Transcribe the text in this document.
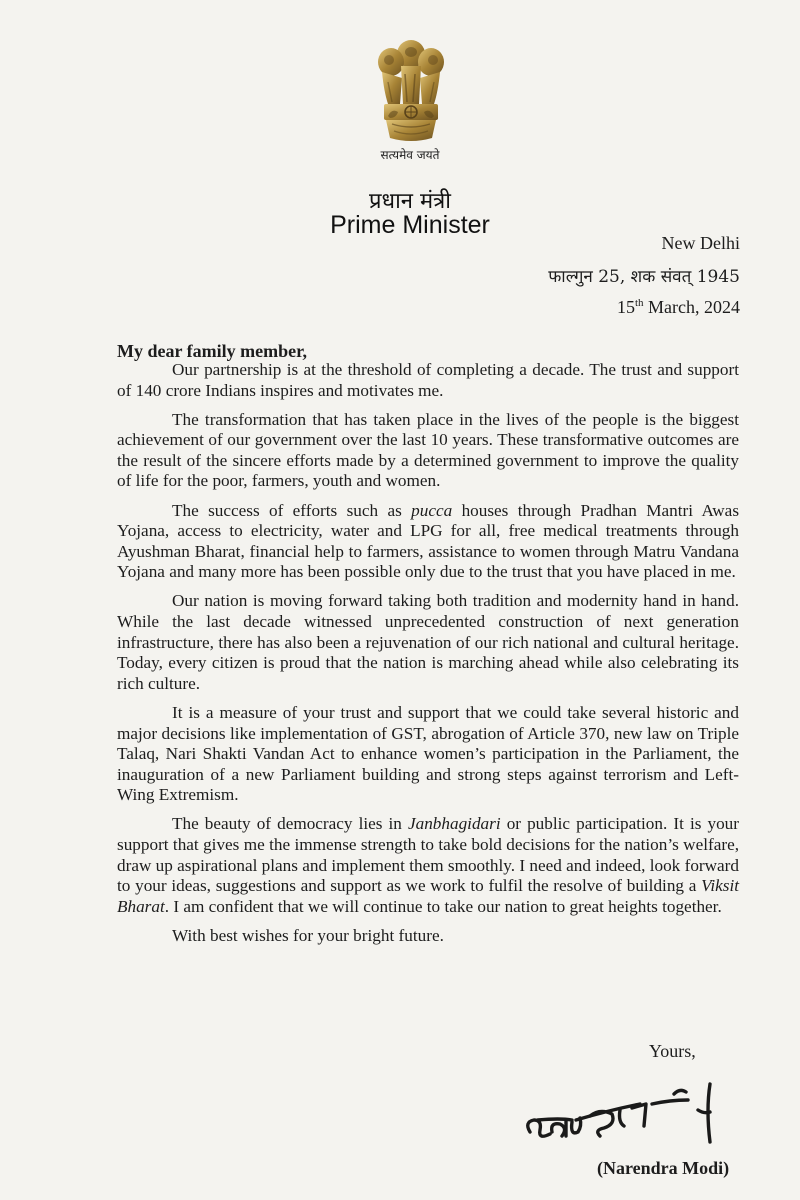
सत्यमेव जयते
प्रधान मंत्री
Prime Minister
New Delhi
फाल्गुन 25, शक संवत् 1945
15th March, 2024
My dear family member,

Our partnership is at the threshold of completing a decade. The trust and support of 140 crore Indians inspires and motivates me.

The transformation that has taken place in the lives of the people is the biggest achievement of our government over the last 10 years. These transformative outcomes are the result of the sincere efforts made by a determined government to improve the quality of life for the poor, farmers, youth and women.

The success of efforts such as pucca houses through Pradhan Mantri Awas Yojana, access to electricity, water and LPG for all, free medical treatments through Ayushman Bharat, financial help to farmers, assistance to women through Matru Vandana Yojana and many more has been possible only due to the trust that you have placed in me.

Our nation is moving forward taking both tradition and modernity hand in hand. While the last decade witnessed unprecedented construction of next generation infrastructure, there has also been a rejuvenation of our rich national and cultural heritage. Today, every citizen is proud that the nation is marching ahead while also celebrating its rich culture.

It is a measure of your trust and support that we could take several historic and major decisions like implementation of GST, abrogation of Article 370, new law on Triple Talaq, Nari Shakti Vandan Act to enhance women’s participation in the Parliament, the inauguration of a new Parliament building and strong steps against terrorism and Left-Wing Extremism.

The beauty of democracy lies in Janbhagidari or public participation. It is your support that gives me the immense strength to take bold decisions for the nation’s welfare, draw up aspirational plans and implement them smoothly. I need and indeed, look forward to your ideas, suggestions and support as we work to fulfil the resolve of building a Viksit Bharat. I am confident that we will continue to take our nation to great heights together.

With best wishes for your bright future.

Yours,
(Narendra Modi)
